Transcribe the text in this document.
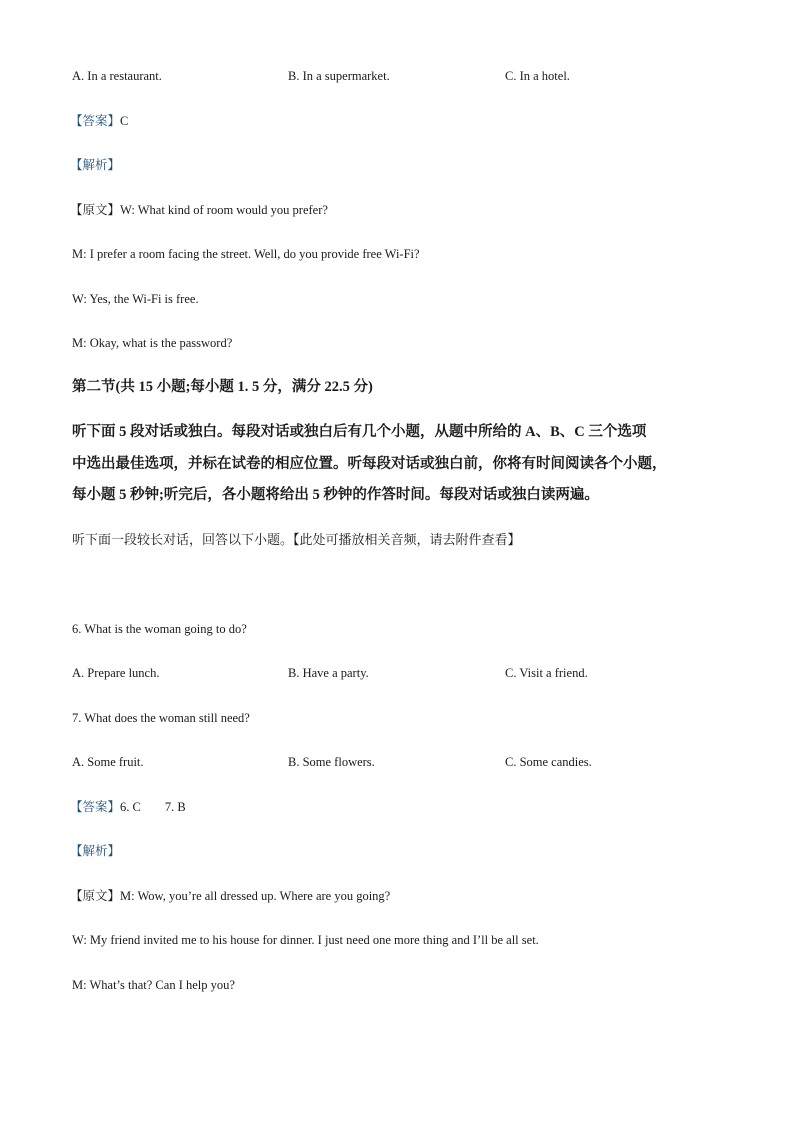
A. In a restaurant.	B. In a supermarket.	C. In a hotel.
【答案】C
【解析】
【原文】W: What kind of room would you prefer?
M: I prefer a room facing the street. Well, do you provide free Wi-Fi?
W: Yes, the Wi-Fi is free.
M: Okay, what is the password?
第二节(共 15 小题;每小题 1. 5 分，满分 22.5 分)
听下面 5 段对话或独白。每段对话或独白后有几个小题，从题中所给的 A、B、C 三个选项
中选出最佳选项，并标在试卷的相应位置。听每段对话或独白前，你将有时间阅读各个小题，
每小题 5 秒钟;听完后，各小题将给出 5 秒钟的作答时间。每段对话或独白读两遍。
听下面一段较长对话，回答以下小题。【此处可播放相关音频，请去附件查看】
6. What is the woman going to do?
A. Prepare lunch.	B. Have a party.	C. Visit a friend.
7. What does the woman still need?
A. Some fruit.	B. Some flowers.	C. Some candies.
【答案】6. C 7. B
【解析】
【原文】M: Wow, you’re all dressed up. Where are you going?
W: My friend invited me to his house for dinner. I just need one more thing and I’ll be all set.
M: What’s that? Can I help you?
